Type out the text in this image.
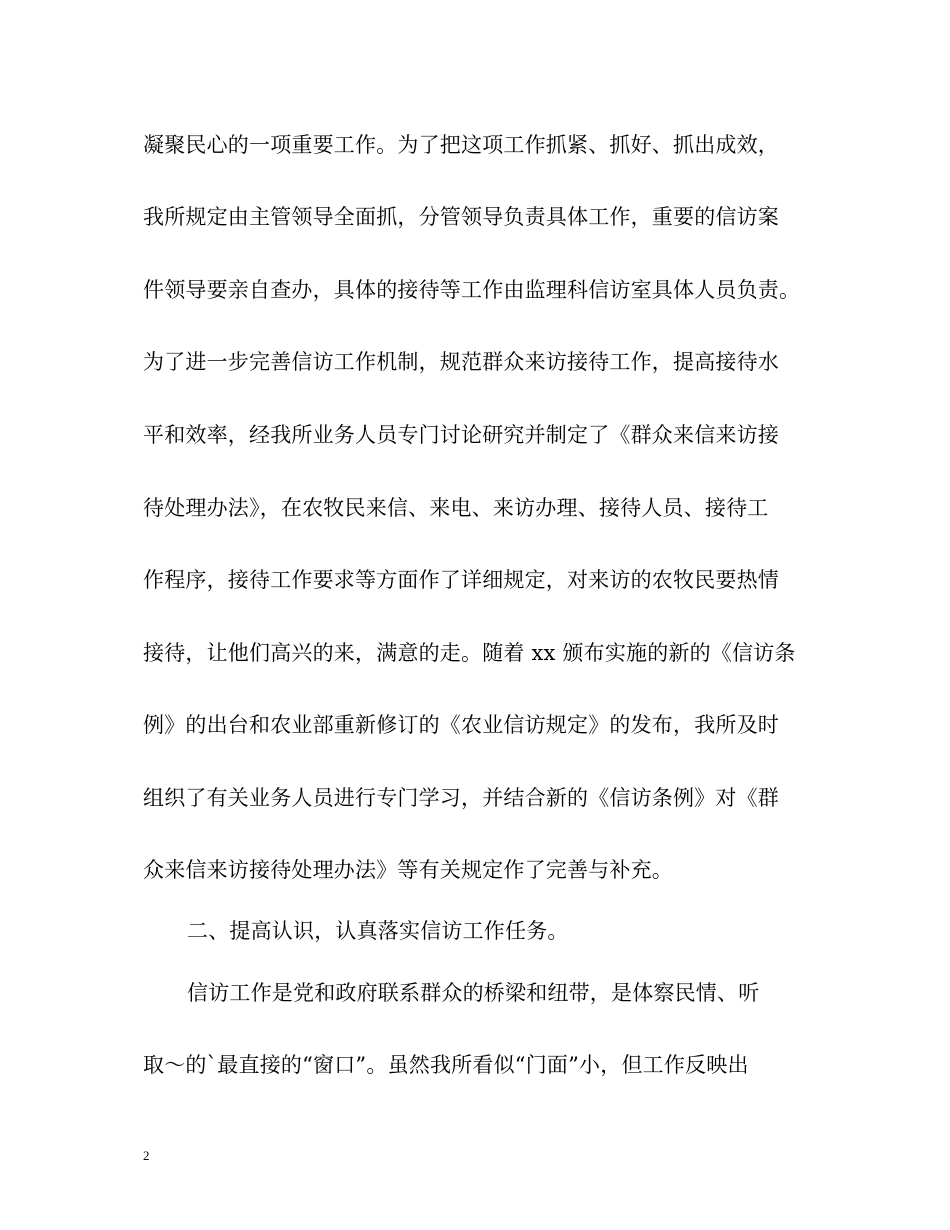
凝聚民心的一项重要工作。为了把这项工作抓紧、抓好、抓出成效，
我所规定由主管领导全面抓，分管领导负责具体工作，重要的信访案
件领导要亲自查办，具体的接待等工作由监理科信访室具体人员负责。
为了进一步完善信访工作机制，规范群众来访接待工作，提高接待水
平和效率，经我所业务人员专门讨论研究并制定了《群众来信来访接
待处理办法》，在农牧民来信、来电、来访办理、接待人员、接待工
作程序，接待工作要求等方面作了详细规定，对来访的农牧民要热情
接待，让他们高兴的来，满意的走。随着 xx 颁布实施的新的《信访条
例》的出台和农业部重新修订的《农业信访规定》的发布，我所及时
组织了有关业务人员进行专门学习，并结合新的《信访条例》对《群
众来信来访接待处理办法》等有关规定作了完善与补充。
二、提高认识，认真落实信访工作任务。
信访工作是党和政府联系群众的桥梁和纽带，是体察民情、听
取～的`最直接的“窗口”。虽然我所看似“门面”小，但工作反映出
2
